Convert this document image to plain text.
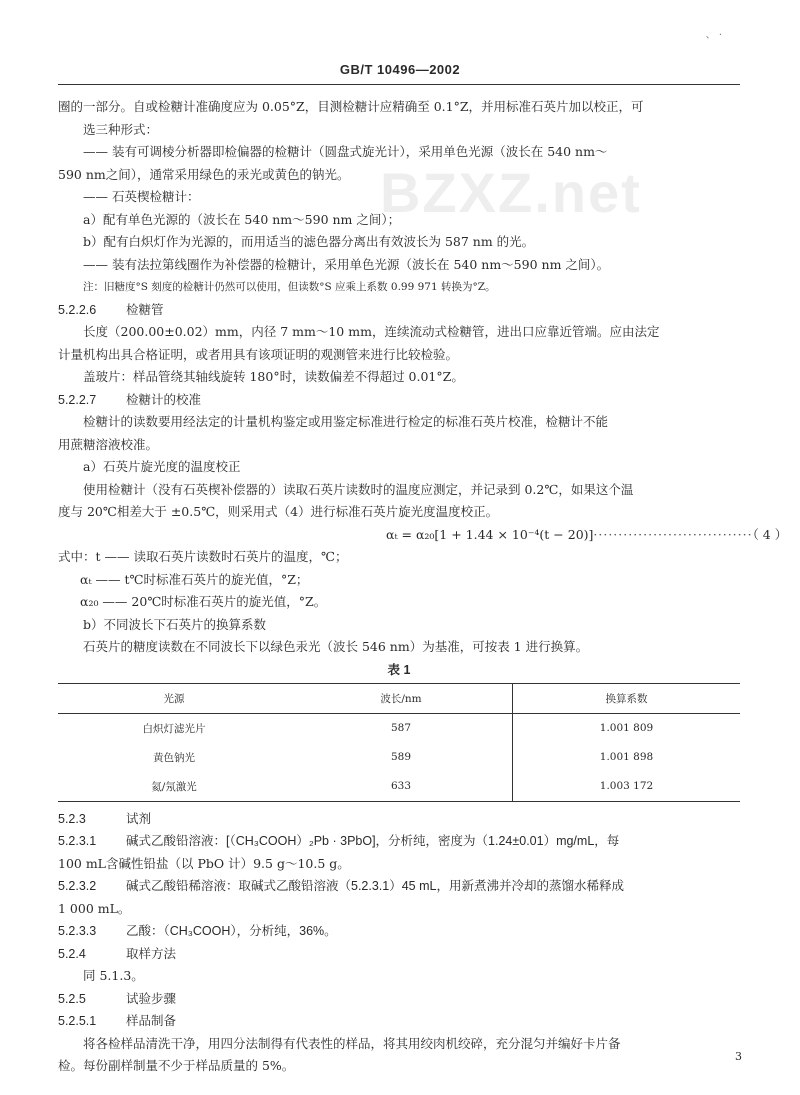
、 ·
BZXZ.net
GB/T 10496—2002

圈的一部分。自或检糖计准确度应为 0.05°Z，目测检糖计应精确至 0.1°Z，并用标准石英片加以校正，可

选三种形式：

—— 装有可调棱分析器即检偏器的检糖计（圆盘式旋光计），采用单色光源（波长在 540 nm～

590 nm之间），通常采用绿色的汞光或黄色的钠光。

—— 石英楔检糖计：

a）配有单色光源的（波长在 540 nm～590 nm 之间）；

b）配有白炽灯作为光源的，而用适当的滤色器分离出有效波长为 587 nm 的光。

—— 装有法拉第线圈作为补偿器的检糖计，采用单色光源（波长在 540 nm～590 nm 之间）。

注：旧糖度°S 刻度的检糖计仍然可以使用，但读数°S 应乘上系数 0.99 971 转换为°Z。

5.2.2.6 检糖管

长度（200.00±0.02）mm，内径 7 mm～10 mm，连续流动式检糖管，进出口应靠近管端。应由法定

计量机构出具合格证明，或者用具有该项证明的观测管来进行比较检验。

盖玻片：样品管绕其轴线旋转 180°时，读数偏差不得超过 0.01°Z。

5.2.2.7 检糖计的校准

检糖计的读数要用经法定的计量机构鉴定或用鉴定标准进行检定的标准石英片校准，检糖计不能

用蔗糖溶液校准。

a）石英片旋光度的温度校正

使用检糖计（没有石英楔补偿器的）读取石英片读数时的温度应测定，并记录到 0.2℃，如果这个温

度与 20℃相差大于 ±0.5℃，则采用式（4）进行标准石英片旋光度温度校正。

αₜ = α₂₀[1 + 1.44 × 10⁻⁴(t − 20)] ································（ 4 ）

式中：t —— 读取石英片读数时石英片的温度，℃；

αₜ —— t℃时标准石英片的旋光值，°Z；

α₂₀ —— 20℃时标准石英片的旋光值，°Z。

b）不同波长下石英片的换算系数

石英片的糖度读数在不同波长下以绿色汞光（波长 546 nm）为基准，可按表 1 进行换算。

表 1
光源	波长/nm	换算系数
白炽灯滤光片	587	1.001 809
黄色钠光	589	1.001 898
氦/氖激光	633	1.003 172

5.2.3	试剂

5.2.3.1 碱式乙酸铅溶液：[（CH₃COOH）₂Pb · 3PbO]，分析纯，密度为（1.24±0.01）mg/mL，每

100 mL含碱性铅盐（以 PbO 计）9.5 g～10.5 g。

5.2.3.2 碱式乙酸铅稀溶液：取碱式乙酸铅溶液（5.2.3.1）45 mL，用新煮沸并冷却的蒸馏水稀释成

1 000 mL。

5.2.3.3 乙酸：（CH₃COOH），分析纯，36%。

5.2.4	取样方法

同 5.1.3。

5.2.5	试验步骤

5.2.5.1 样品制备

将各检样品清洗干净，用四分法制得有代表性的样品，将其用绞肉机绞碎，充分混匀并编好卡片备

检。每份副样制量不少于样品质量的 5%。

3
